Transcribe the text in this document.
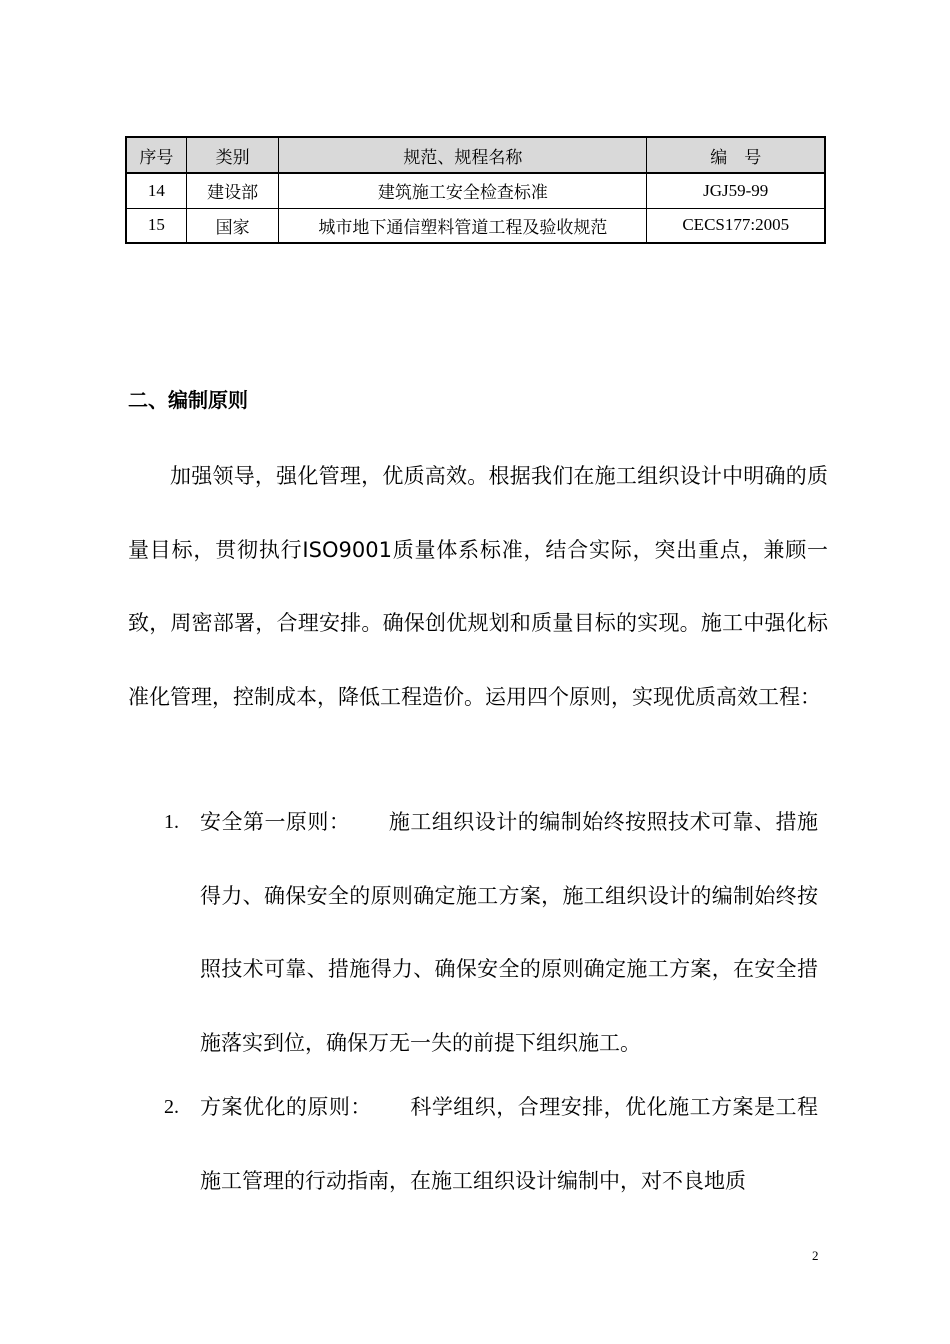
序号	类别	规范、规程名称	编　号
14	建设部	建筑施工安全检查标准	JGJ59-99
15	国家	城市地下通信塑料管道工程及验收规范	CECS177:2005
二、编制原则

加强领导，强化管理，优质高效。根据我们在施工组织设计中明确的质量目标，贯彻执行ISO9001质量体系标准，结合实际，突出重点，兼顾一致，周密部署，合理安排。确保创优规划和质量目标的实现。施工中强化标准化管理，控制成本，降低工程造价。运用四个原则，实现优质高效工程：

1. 安全第一原则： 施工组织设计的编制始终按照技术可靠、措施得力、确保安全的原则确定施工方案，施工组织设计的编制始终按照技术可靠、措施得力、确保安全的原则确定施工方案，在安全措施落实到位，确保万无一失的前提下组织施工。
2. 方案优化的原则： 科学组织，合理安排，优化施工方案是工程施工管理的行动指南，在施工组织设计编制中，对不良地质
2
